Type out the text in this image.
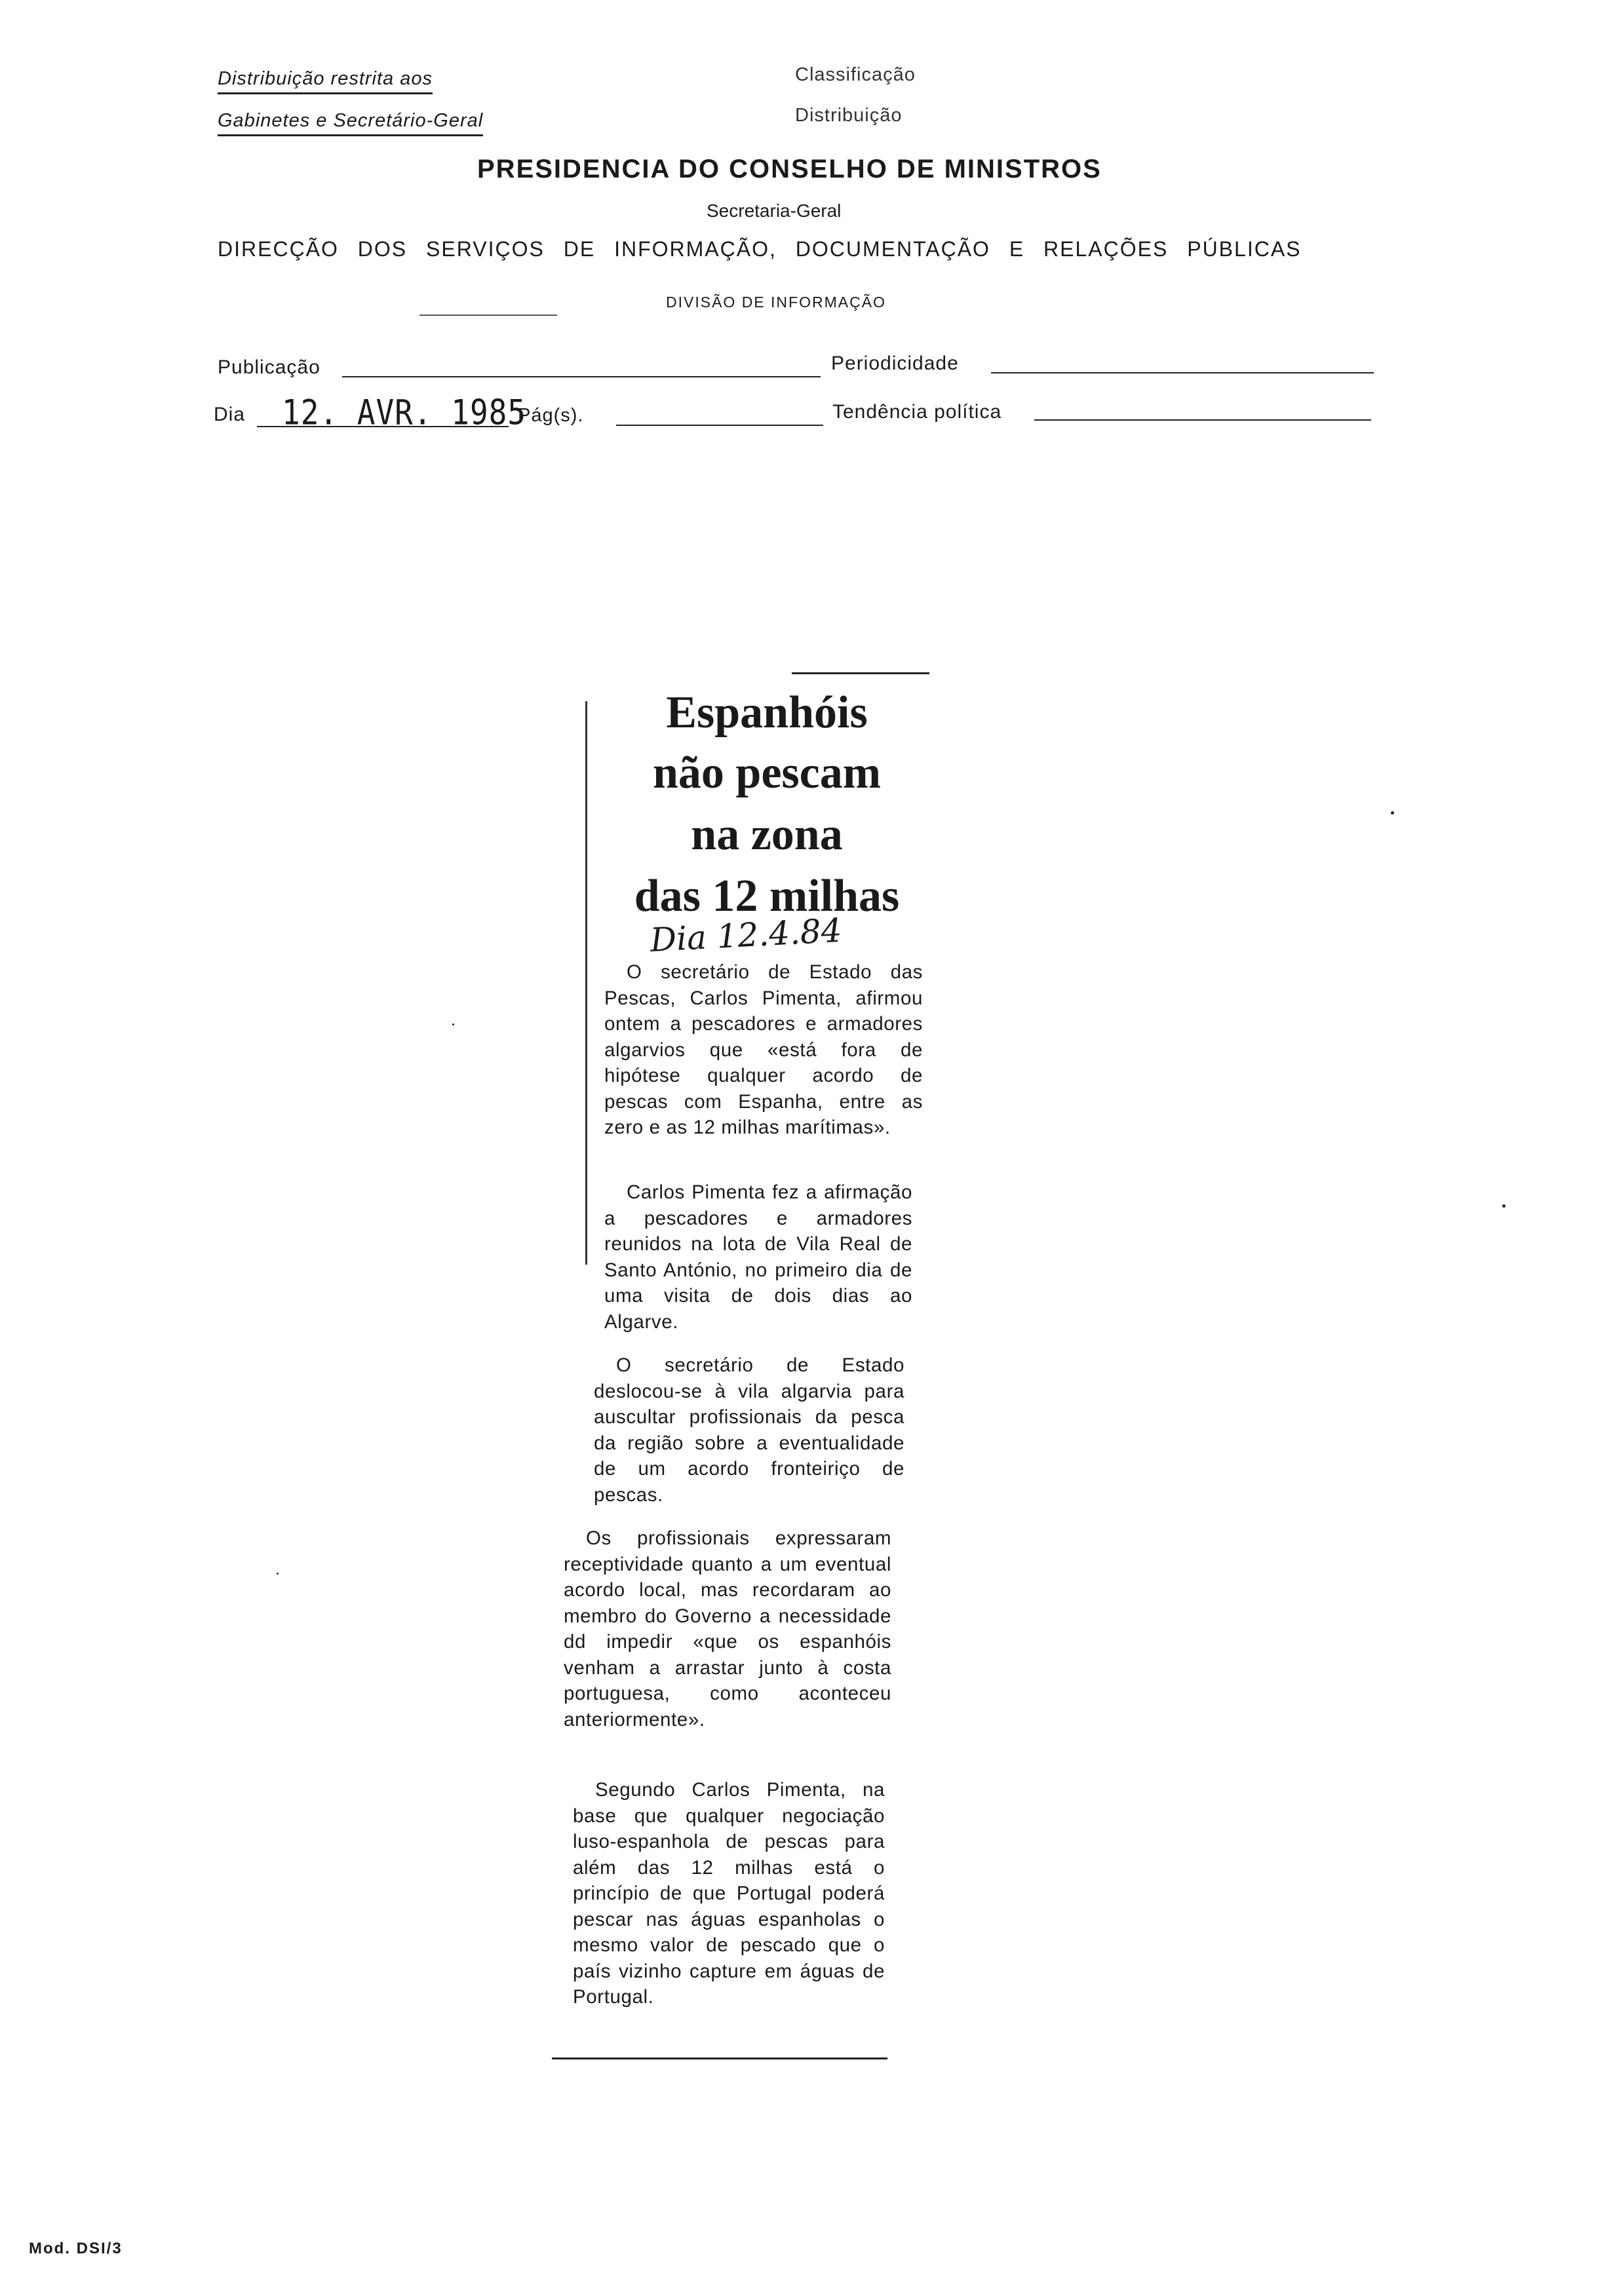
Distribuição restrita aos
Gabinetes e Secretário-Geral
Classificação
Distribuição
PRESIDENCIA DO CONSELHO DE MINISTROS
Secretaria-Geral
DIRECÇÃO DOS SERVIÇOS DE INFORMAÇÃO, DOCUMENTAÇÃO E RELAÇÕES PÚBLICAS
DIVISÃO DE INFORMAÇÃO
Publicação	Periodicidade
Dia 12. AVR. 1985
Pág(s).	Tendência política
Espanhóis
não pescam
na zona
das 12 milhas
Dia 12.4.84
O secretário de Estado das Pescas, Carlos Pimenta, afirmou ontem a pescadores e armadores algarvios que «está fora de hipótese qualquer acordo de pescas com Espanha, entre as zero e as 12 milhas marítimas».
Carlos Pimenta fez a afirmação a pescadores e armadores reunidos na lota de Vila Real de Santo António, no primeiro dia de uma visita de dois dias ao Algarve.
O secretário de Estado deslocou-se à vila algarvia para auscultar profissionais da pesca da região sobre a eventualidade de um acordo fronteiriço de pescas.
Os profissionais expressaram receptividade quanto a um eventual acordo local, mas recordaram ao membro do Governo a necessidade dd impedir «que os espanhóis venham a arrastar junto à costa portuguesa, como aconteceu anteriormente».
Segundo Carlos Pimenta, na base que qualquer negociação luso-espanhola de pescas para além das 12 milhas está o princípio de que Portugal poderá pescar nas águas espanholas o mesmo valor de pescado que o país vizinho capture em águas de Portugal.
Mod. DSI/3
